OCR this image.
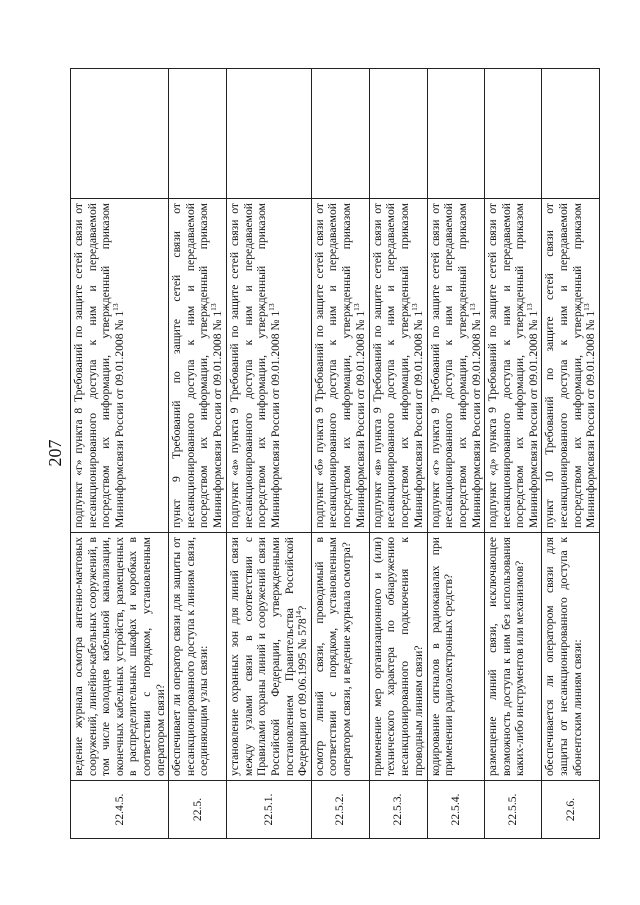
207
22.4.5.	ведение журнала осмотра антенно-мачтовых сооружений, линейно-кабельных сооружений, в том числе колодцев кабельной канализации, оконечных кабельных устройств, размещенных в распределительных шкафах и коробках в соответствии с порядком, установленным оператором связи?	подпункт «г» пункта 8 Требований по защите сетей связи от несанкционированного доступа к ним и передаваемой посредством их информации, утвержденный приказом Мининформсвязи России от 09.01.2008 № $1^{13}$	
22.5.	обеспечивает ли оператор связи для защиты от несанкционированного доступа к линиям связи, соединяющим узлы связи:	пункт 9 Требований по защите сетей связи от несанкционированного доступа к ним и передаваемой посредством их информации, утвержденный приказом Мининформсвязи России от 09.01.2008 № $1^{13}$	
22.5.1.	установление охранных зон для линий связи между узлами связи в соответствии с Правилами охраны линий и сооружений связи Российской Федерации, утвержденными постановлением Правительства Российской Федерации от 09.06.1995 № $578^{14}$?	подпункт «а» пункта 9 Требований по защите сетей связи от несанкционированного доступа к ним и передаваемой посредством их информации, утвержденный приказом Мининформсвязи России от 09.01.2008 № $1^{13}$	
22.5.2.	осмотр линий связи, проводимый в соответствии с порядком, установленным оператором связи, и ведение журнала осмотра?	подпункт «б» пункта 9 Требований по защите сетей связи от несанкционированного доступа к ним и передаваемой посредством их информации, утвержденный приказом Мининформсвязи России от 09.01.2008 № $1^{13}$	
22.5.3.	применение мер организационного и (или) технического характера по обнаружению несанкционированного подключения к проводным линиям связи?	подпункт «в» пункта 9 Требований по защите сетей связи от несанкционированного доступа к ним и передаваемой посредством их информации, утвержденный приказом Мининформсвязи России от 09.01.2008 № $1^{13}$	
22.5.4.	кодирование сигналов в радиоканалах при применении радиоэлектронных средств?	подпункт «г» пункта 9 Требований по защите сетей связи от несанкционированного доступа к ним и передаваемой посредством их информации, утвержденный приказом Мининформсвязи России от 09.01.2008 № $1^{13}$	
22.5.5.	размещение линий связи, исключающее возможность доступа к ним без использования каких-либо инструментов или механизмов?	подпункт «д» пункта 9 Требований по защите сетей связи от несанкционированного доступа к ним и передаваемой посредством их информации, утвержденный приказом Мининформсвязи России от 09.01.2008 № $1^{13}$	
22.6.	обеспечивается ли оператором связи для защиты от несанкционированного доступа к абонентским линиям связи:	пункт 10 Требований по защите сетей связи от несанкционированного доступа к ним и передаваемой посредством их информации, утвержденный приказом Мининформсвязи России от 09.01.2008 № $1^{13}$	
